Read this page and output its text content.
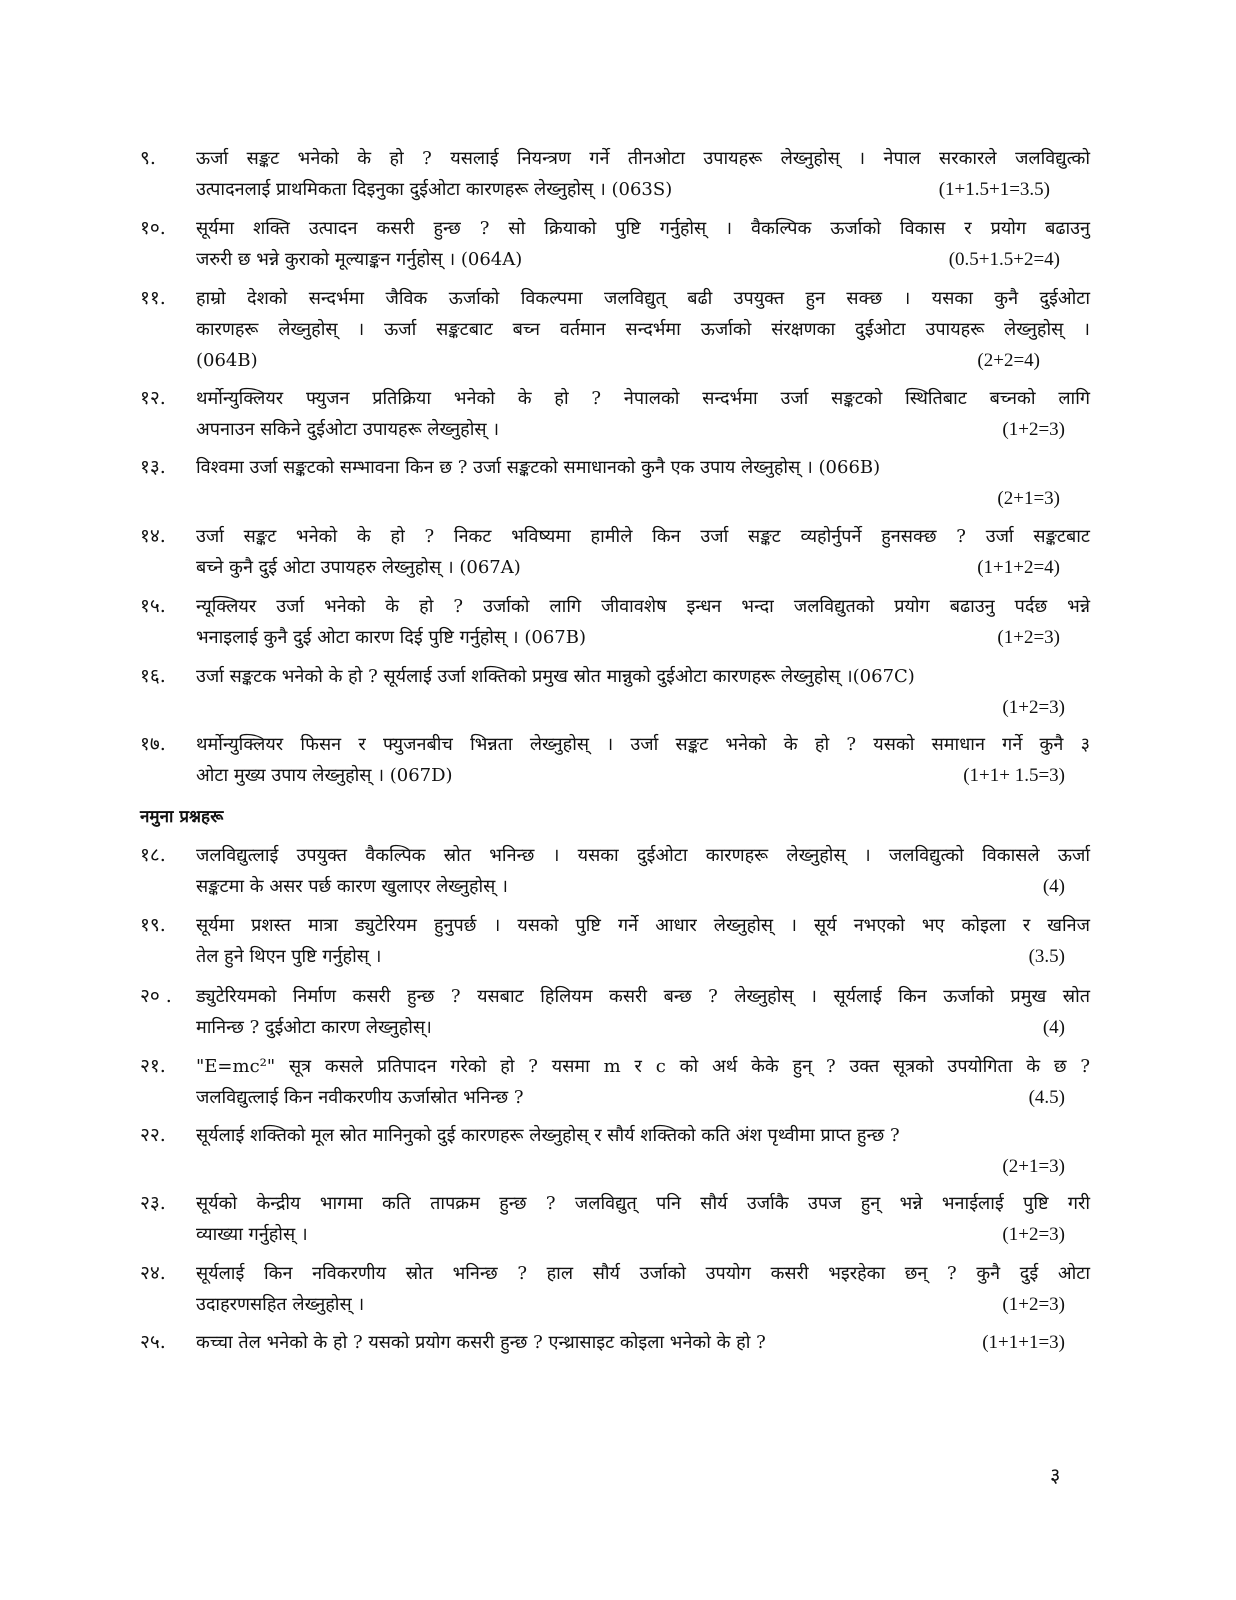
९. ऊर्जा सङ्कट भनेको के हो ? यसलाई नियन्त्रण गर्ने तीनओटा उपायहरू लेख्नुहोस् । नेपाल सरकारले जलविद्युत्को
उत्पादनलाई प्राथमिकता दिइनुका दुईओटा कारणहरू लेख्नुहोस् । (063S)	(1+1.5+1=3.5)
१०. सूर्यमा शक्ति उत्पादन कसरी हुन्छ ? सो क्रियाको पुष्टि गर्नुहोस् । वैकल्पिक ऊर्जाको विकास र प्रयोग बढाउनु
जरुरी छ भन्ने कुराको मूल्याङ्कन गर्नुहोस् । (064A)	(0.5+1.5+2=4)
११. हाम्रो देशको सन्दर्भमा जैविक ऊर्जाको विकल्पमा जलविद्युत् बढी उपयुक्त हुन सक्छ । यसका कुनै दुईओटा
कारणहरू लेख्नुहोस् । ऊर्जा सङ्कटबाट बच्न वर्तमान सन्दर्भमा ऊर्जाको संरक्षणका दुईओटा उपायहरू लेख्नुहोस् ।
(064B)	(2+2=4)
१२. थर्मोन्युक्लियर फ्युजन प्रतिक्रिया भनेको के हो ? नेपालको सन्दर्भमा उर्जा सङ्कटको स्थितिबाट बच्नको लागि
अपनाउन सकिने दुईओटा उपायहरू लेख्नुहोस् ।	(1+2=3)
१३. विश्वमा उर्जा सङ्कटको सम्भावना किन छ ? उर्जा सङ्कटको समाधानको कुनै एक उपाय लेख्नुहोस् । (066B)
(2+1=3)
१४. उर्जा सङ्कट भनेको के हो ? निकट भविष्यमा हामीले किन उर्जा सङ्कट व्यहोर्नुपर्ने हुनसक्छ ? उर्जा सङ्कटबाट
बच्ने कुनै दुई ओटा उपायहरु लेख्नुहोस् । (067A)	(1+1+2=4)
१५. न्यूक्लियर उर्जा भनेको के हो ? उर्जाको लागि जीवावशेष इन्धन भन्दा जलविद्युतको प्रयोग बढाउनु पर्दछ भन्ने
भनाइलाई कुनै दुई ओटा कारण दिई पुष्टि गर्नुहोस् । (067B)	(1+2=3)
१६. उर्जा सङ्कटक भनेको के हो ? सूर्यलाई उर्जा शक्तिको प्रमुख स्रोत मान्नुको दुईओटा कारणहरू लेख्नुहोस् ।(067C)
(1+2=3)
१७. थर्मोन्युक्लियर फिसन र फ्युजनबीच भिन्नता लेख्नुहोस् । उर्जा सङ्कट भनेको के हो ? यसको समाधान गर्ने कुनै ३
ओटा मुख्य उपाय लेख्नुहोस् । (067D)	(1+1+ 1.5=3)
नमुना प्रश्नहरू
१८. जलविद्युत्लाई उपयुक्त वैकल्पिक स्रोत भनिन्छ । यसका दुईओटा कारणहरू लेख्नुहोस् । जलविद्युत्को विकासले ऊर्जा
सङ्कटमा के असर पर्छ कारण खुलाएर लेख्नुहोस् ।	(4)
१९. सूर्यमा प्रशस्त मात्रा ड्युटेरियम हुनुपर्छ । यसको पुष्टि गर्ने आधार लेख्नुहोस् । सूर्य नभएको भए कोइला र खनिज
तेल हुने थिएन पुष्टि गर्नुहोस् ।	(3.5)
२० . ड्युटेरियमको निर्माण कसरी हुन्छ ? यसबाट हिलियम कसरी बन्छ ? लेख्नुहोस् । सूर्यलाई किन ऊर्जाको प्रमुख स्रोत
मानिन्छ ? दुईओटा कारण लेख्नुहोस्।	(4)
२१. "E=mc²" सूत्र कसले प्रतिपादन गरेको हो ? यसमा m र c को अर्थ केके हुन् ? उक्त सूत्रको उपयोगिता के छ ?
जलविद्युत्लाई किन नवीकरणीय ऊर्जास्रोत भनिन्छ ?	(4.5)
२२. सूर्यलाई शक्तिको मूल स्रोत मानिनुको दुई कारणहरू लेख्नुहोस् र सौर्य शक्तिको कति अंश पृथ्वीमा प्राप्त हुन्छ ?
(2+1=3)
२३. सूर्यको केन्द्रीय भागमा कति तापक्रम हुन्छ ? जलविद्युत् पनि सौर्य उर्जाकै उपज हुन् भन्ने भनाईलाई पुष्टि गरी
व्याख्या गर्नुहोस् ।	(1+2=3)
२४. सूर्यलाई किन नविकरणीय स्रोत भनिन्छ ? हाल सौर्य उर्जाको उपयोग कसरी भइरहेका छन् ? कुनै दुई ओटा
उदाहरणसहित लेख्नुहोस् ।	(1+2=3)
२५. कच्चा तेल भनेको के हो ? यसको प्रयोग कसरी हुन्छ ? एन्थ्रासाइट कोइला भनेको के हो ?	(1+1+1=3)
३
